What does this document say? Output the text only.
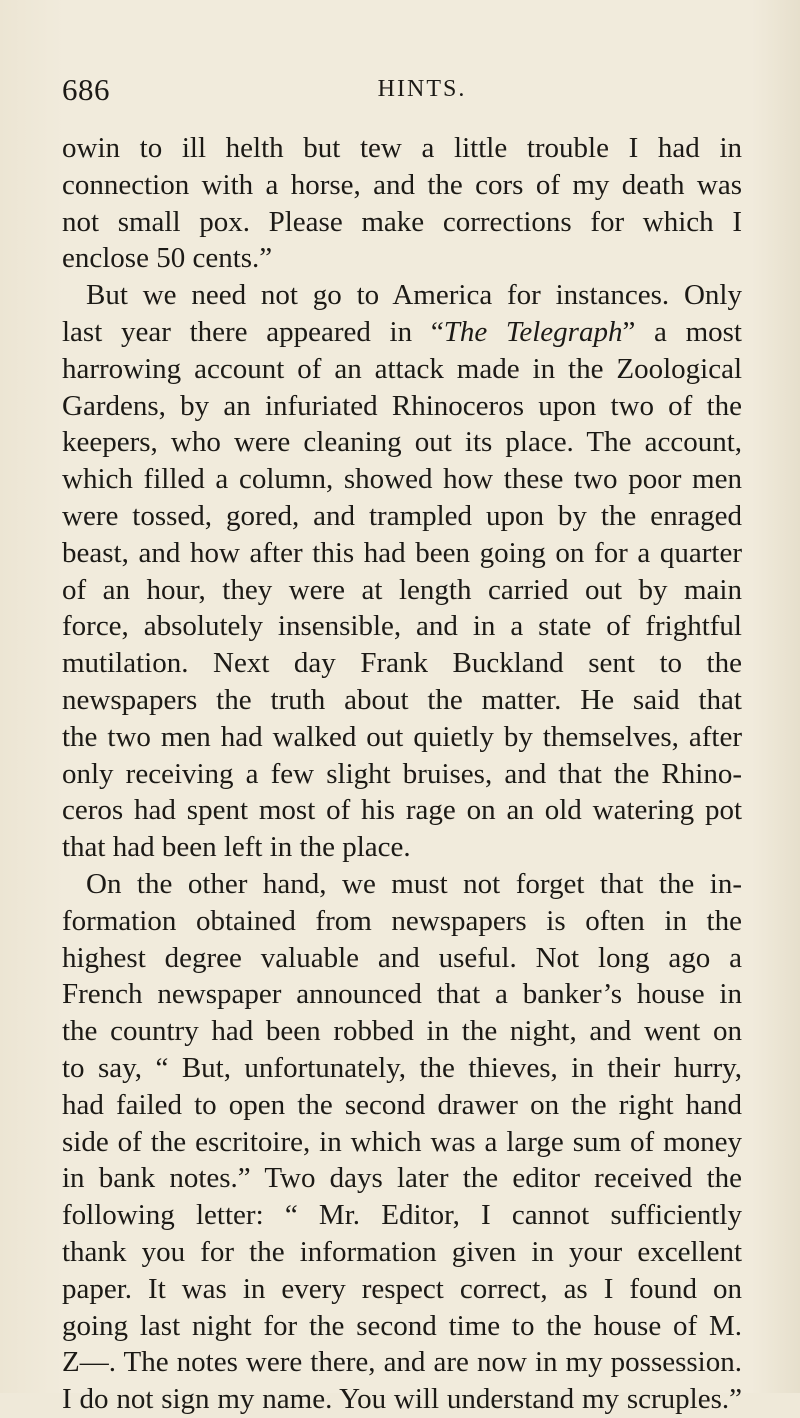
686	HINTS.
owin to ill helth but tew a little trouble I had in
connection with a horse, and the cors of my death was
not small pox. Please make corrections for which I
enclose 50 cents.”
But we need not go to America for instances. Only
last year there appeared in “The Telegraph” a most
harrowing account of an attack made in the Zoological
Gardens, by an infuriated Rhinoceros upon two of the
keepers, who were cleaning out its place. The account,
which filled a column, showed how these two poor men
were tossed, gored, and trampled upon by the enraged
beast, and how after this had been going on for a quarter
of an hour, they were at length carried out by main
force, absolutely insensible, and in a state of frightful
mutilation. Next day Frank Buckland sent to the
newspapers the truth about the matter. He said that
the two men had walked out quietly by themselves, after
only receiving a few slight bruises, and that the Rhino-
ceros had spent most of his rage on an old watering pot
that had been left in the place.
On the other hand, we must not forget that the in-
formation obtained from newspapers is often in the
highest degree valuable and useful. Not long ago a
French newspaper announced that a banker’s house in
the country had been robbed in the night, and went on
to say, “ But, unfortunately, the thieves, in their hurry,
had failed to open the second drawer on the right hand
side of the escritoire, in which was a large sum of money
in bank notes.” Two days later the editor received the
following letter: “ Mr. Editor, I cannot sufficiently
thank you for the information given in your excellent
paper. It was in every respect correct, as I found on
going last night for the second time to the house of M.
Z—. The notes were there, and are now in my possession.
I do not sign my name. You will understand my scruples.”
